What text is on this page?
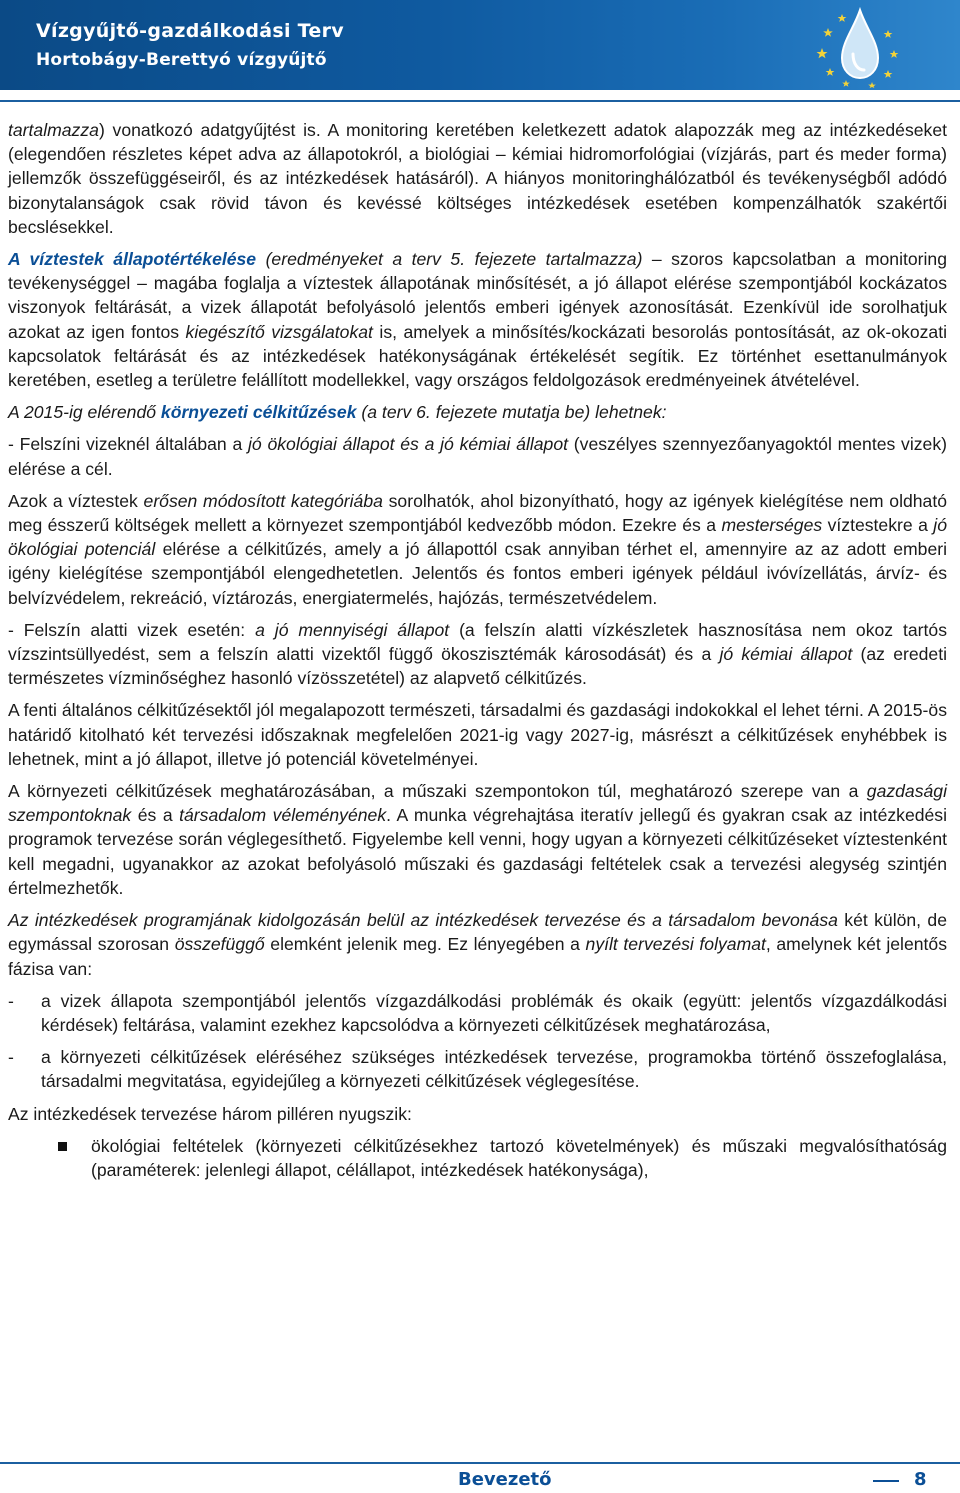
Vízgyűjtő-gazdálkodási Terv
Hortobágy-Berettyó vízgyűjtő

tartalmazza) vonatkozó adatgyűjtést is. A monitoring keretében keletkezett adatok alapozzák meg az intézkedéseket (elegendően részletes képet adva az állapotokról, a biológiai – kémiai hidromorfológiai (vízjárás, part és meder forma) jellemzők összefüggéseiről, és az intézkedések hatásáról). A hiányos monitoringhálózatból és tevékenységből adódó bizonytalanságok csak rövid távon és kevéssé költséges intézkedések esetében kompenzálhatók szakértői becslésekkel.

A víztestek állapotértékelése (eredményeket a terv 5. fejezete tartalmazza) – szoros kapcsolatban a monitoring tevékenységgel – magába foglalja a víztestek állapotának minősítését, a jó állapot elérése szempontjából kockázatos viszonyok feltárását, a vizek állapotát befolyásoló jelentős emberi igények azonosítását. Ezenkívül ide sorolhatjuk azokat az igen fontos kiegészítő vizsgálatokat is, amelyek a minősítés/kockázati besorolás pontosítását, az ok-okozati kapcsolatok feltárását és az intézkedések hatékonyságának értékelését segítik. Ez történhet esettanulmányok keretében, esetleg a területre felállított modellekkel, vagy országos feldolgozások eredményeinek átvételével.

A 2015-ig elérendő környezeti célkitűzések (a terv 6. fejezete mutatja be) lehetnek:

- Felszíni vizeknél általában a jó ökológiai állapot és a jó kémiai állapot (veszélyes szennyezőanyagoktól mentes vizek) elérése a cél.

Azok a víztestek erősen módosított kategóriába sorolhatók, ahol bizonyítható, hogy az igények kielégítése nem oldható meg ésszerű költségek mellett a környezet szempontjából kedvezőbb módon. Ezekre és a mesterséges víztestekre a jó ökológiai potenciál elérése a célkitűzés, amely a jó állapottól csak annyiban térhet el, amennyire az az adott emberi igény kielégítése szempontjából elengedhetetlen. Jelentős és fontos emberi igények például ivóvízellátás, árvíz- és belvízvédelem, rekreáció, víztározás, energiatermelés, hajózás, természetvédelem.

- Felszín alatti vizek esetén: a jó mennyiségi állapot (a felszín alatti vízkészletek hasznosítása nem okoz tartós vízszintsüllyedést, sem a felszín alatti vizektől függő ökoszisztémák károsodását) és a jó kémiai állapot (az eredeti természetes vízminőséghez hasonló vízösszetétel) az alapvető célkitűzés.

A fenti általános célkitűzésektől jól megalapozott természeti, társadalmi és gazdasági indokokkal el lehet térni. A 2015-ös határidő kitolható két tervezési időszaknak megfelelően 2021-ig vagy 2027-ig, másrészt a célkitűzések enyhébbek is lehetnek, mint a jó állapot, illetve jó potenciál követelményei.

A környezeti célkitűzések meghatározásában, a műszaki szempontokon túl, meghatározó szerepe van a gazdasági szempontoknak és a társadalom véleményének. A munka végrehajtása iteratív jellegű és gyakran csak az intézkedési programok tervezése során véglegesíthető. Figyelembe kell venni, hogy ugyan a környezeti célkitűzéseket víztestenként kell megadni, ugyanakkor az azokat befolyásoló műszaki és gazdasági feltételek csak a tervezési alegység szintjén értelmezhetők.

Az intézkedések programjának kidolgozásán belül az intézkedések tervezése és a társadalom bevonása két külön, de egymással szorosan összefüggő elemként jelenik meg. Ez lényegében a nyílt tervezési folyamat, amelynek két jelentős fázisa van:

-	a vizek állapota szempontjából jelentős vízgazdálkodási problémák és okaik (együtt: jelentős vízgazdálkodási kérdések) feltárása, valamint ezekhez kapcsolódva a környezeti célkitűzések meghatározása,

-	a környezeti célkitűzések eléréséhez szükséges intézkedések tervezése, programokba történő összefoglalása, társadalmi megvitatása, egyidejűleg a környezeti célkitűzések véglegesítése.

Az intézkedések tervezése három pilléren nyugszik:

ökológiai feltételek (környezeti célkitűzésekhez tartozó követelmények) és műszaki megvalósíthatóság (paraméterek: jelenlegi állapot, célállapot, intézkedések hatékonysága),
Bevezető	8
